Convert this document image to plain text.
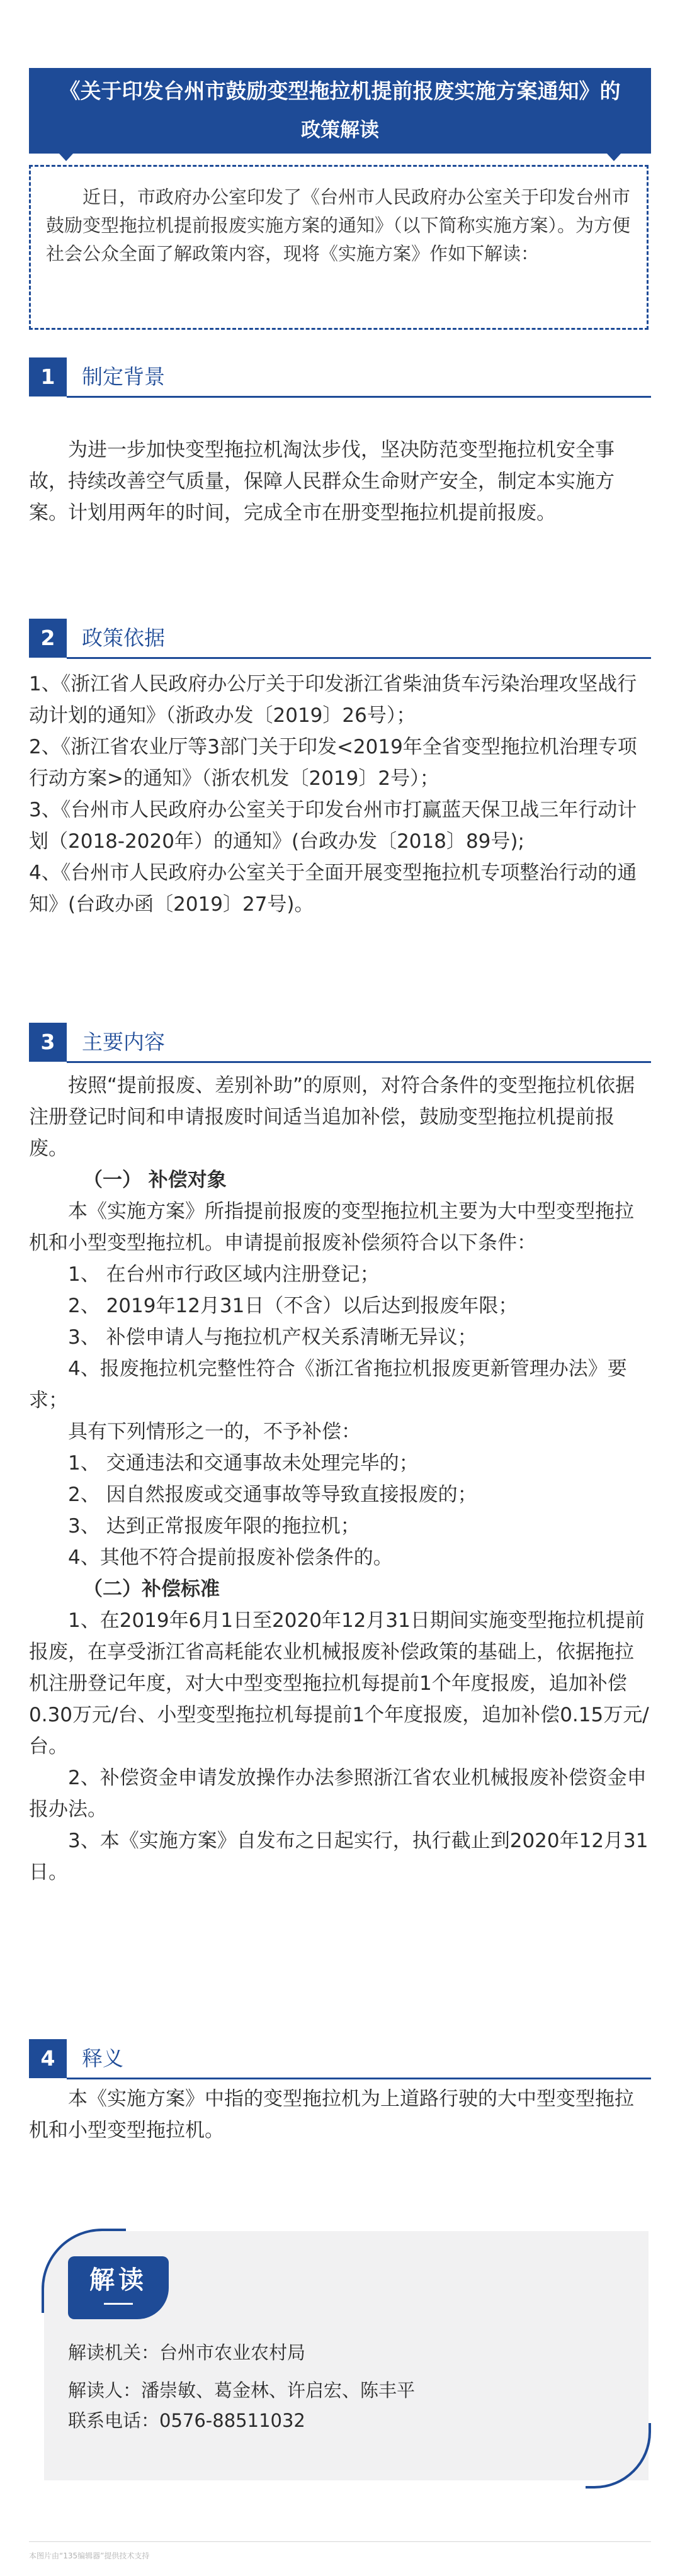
《关于印发台州市鼓励变型拖拉机提前报废实施方案通知》的
政策解读
近日，市政府办公室印发了《台州市人民政府办公室关于印发台州市鼓励变型拖拉机提前报废实施方案的通知》（以下简称实施方案）。为方便社会公众全面了解政策内容，现将《实施方案》作如下解读：
1	制定背景

为进一步加快变型拖拉机淘汰步伐，坚决防范变型拖拉机安全事故，持续改善空气质量，保障人民群众生命财产安全，制定本实施方案。计划用两年的时间，完成全市在册变型拖拉机提前报废。

2	政策依据

1、《浙江省人民政府办公厅关于印发浙江省柴油货车污染治理攻坚战行动计划的通知》（浙政办发〔2019〕26号）；

2、《浙江省农业厅等3部门关于印发<2019年全省变型拖拉机治理专项行动方案>的通知》（浙农机发〔2019〕2号）；

3、《台州市人民政府办公室关于印发台州市打赢蓝天保卫战三年行动计划（2018-2020年）的通知》(台政办发〔2018〕89号);

4、《台州市人民政府办公室关于全面开展变型拖拉机专项整治行动的通知》(台政办函〔2019〕27号)。

3	主要内容

按照“提前报废、差别补助”的原则，对符合条件的变型拖拉机依据注册登记时间和申请报废时间适当追加补偿，鼓励变型拖拉机提前报废。

（一） 补偿对象

本《实施方案》所指提前报废的变型拖拉机主要为大中型变型拖拉机和小型变型拖拉机。申请提前报废补偿须符合以下条件：

1、 在台州市行政区域内注册登记；

2、 2019年12月31日（不含）以后达到报废年限；

3、 补偿申请人与拖拉机产权关系清晰无异议；

4、报废拖拉机完整性符合《浙江省拖拉机报废更新管理办法》要求；

具有下列情形之一的，不予补偿：

1、 交通违法和交通事故未处理完毕的；

2、 因自然报废或交通事故等导致直接报废的；

3、 达到正常报废年限的拖拉机；

4、其他不符合提前报废补偿条件的。

（二）补偿标准

1、在2019年6月1日至2020年12月31日期间实施变型拖拉机提前报废，在享受浙江省高耗能农业机械报废补偿政策的基础上，依据拖拉机注册登记年度，对大中型变型拖拉机每提前1个年度报废，追加补偿0.30万元/台、小型变型拖拉机每提前1个年度报废，追加补偿0.15万元/台。

2、补偿资金申请发放操作办法参照浙江省农业机械报废补偿资金申报办法。

3、本《实施方案》自发布之日起实行，执行截止到2020年12月31日。

4	释义

本《实施方案》中指的变型拖拉机为上道路行驶的大中型变型拖拉机和小型变型拖拉机。

解读
解读机关：台州市农业农村局
解读人：潘崇敏、葛金林、许启宏、陈丰平
联系电话：0576-88511032
本图片由“135编辑器”提供技术支持
